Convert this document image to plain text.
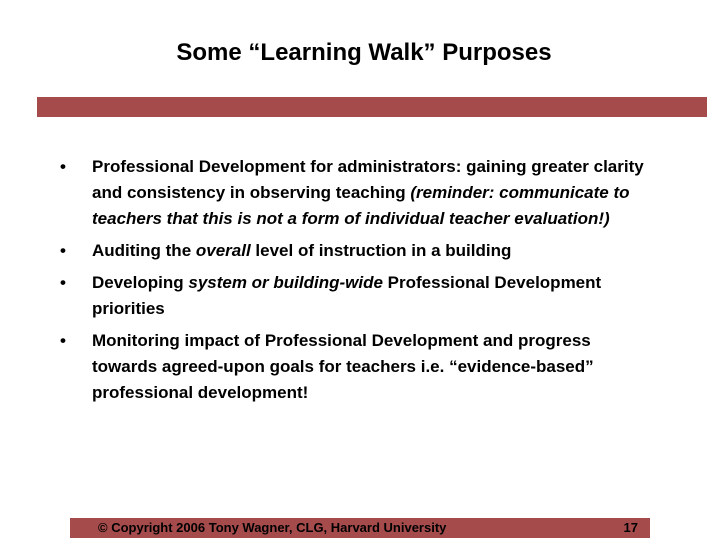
Some “Learning Walk” Purposes
• Professional Development for administrators: gaining greater clarity and consistency in observing teaching (reminder: communicate to teachers that this is not a form of individual teacher evaluation!)
• Auditing the overall level of instruction in a building
• Developing system or building-wide Professional Development priorities
• Monitoring impact of Professional Development and progress towards agreed-upon goals for teachers i.e. “evidence-based” professional development!
© Copyright 2006 Tony Wagner, CLG, Harvard University	17
